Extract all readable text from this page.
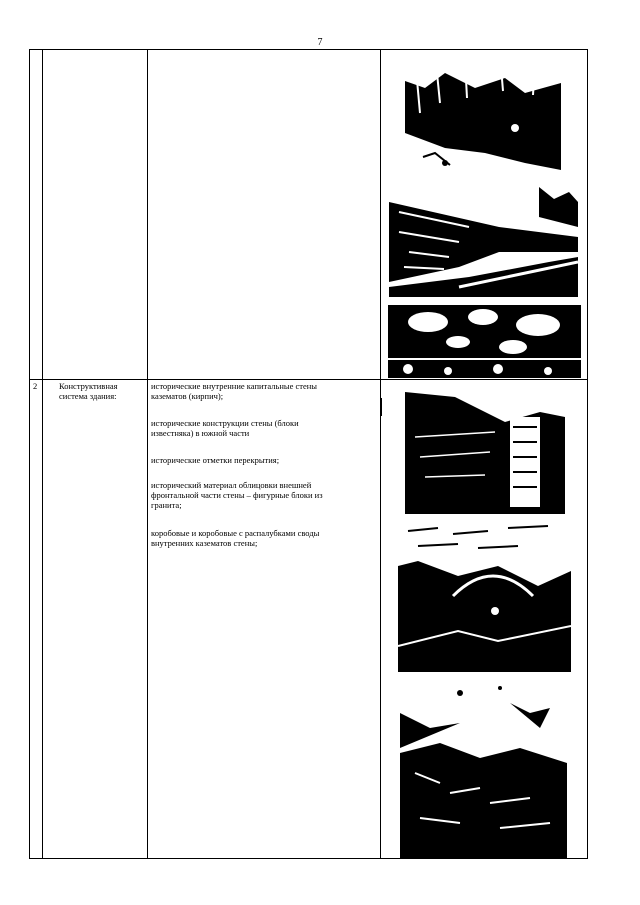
7
2	Конструктивная
система здания:
исторические внутренние капитальные стены
казематов (кирпич);
исторические конструкции стены (блоки
известняка) в южной части
исторические отметки перекрытия;
исторический материал облицовки внешней
фронтальной части стены – фигурные блоки из
гранита;
коробовые и коробовые с распалубками своды
внутренних казематов стены;
